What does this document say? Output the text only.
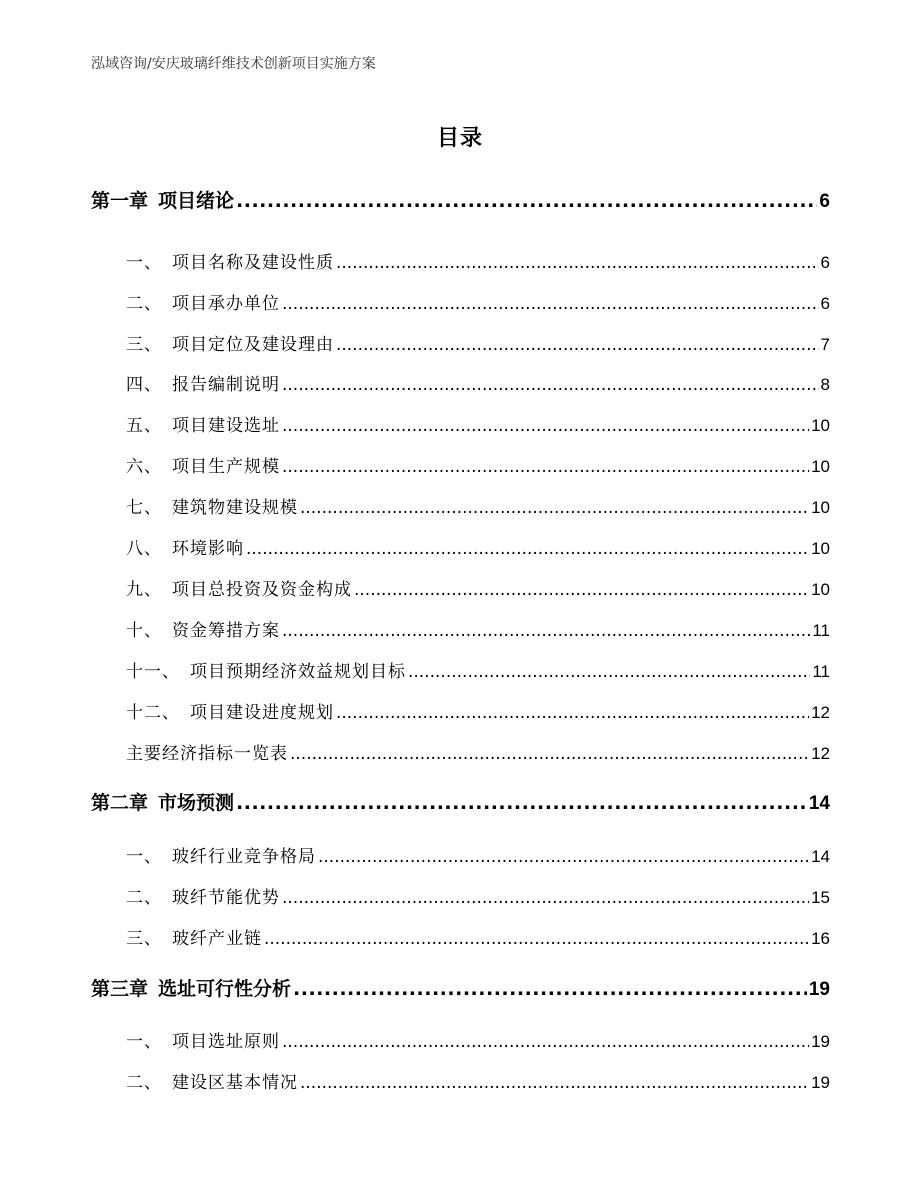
泓域咨询/安庆玻璃纤维技术创新项目实施方案
目录
第一章 项目绪论 .....	6
一、 项目名称及建设性质 .....	6
二、 项目承办单位 .....	6
三、 项目定位及建设理由 .....	7
四、 报告编制说明 .....	8
五、 项目建设选址 .....	10
六、 项目生产规模 .....	10
七、 建筑物建设规模 .....	10
八、 环境影响 .....	10
九、 项目总投资及资金构成 .....	10
十、 资金筹措方案 .....	11
十一、 项目预期经济效益规划目标 .....	11
十二、 项目建设进度规划 .....	12
主要经济指标一览表 .....	12
第二章 市场预测 .....	14
一、 玻纤行业竞争格局 .....	14
二、 玻纤节能优势 .....	15
三、 玻纤产业链 .....	16
第三章 选址可行性分析 .....	19
一、 项目选址原则 .....	19
二、 建设区基本情况 .....	19
